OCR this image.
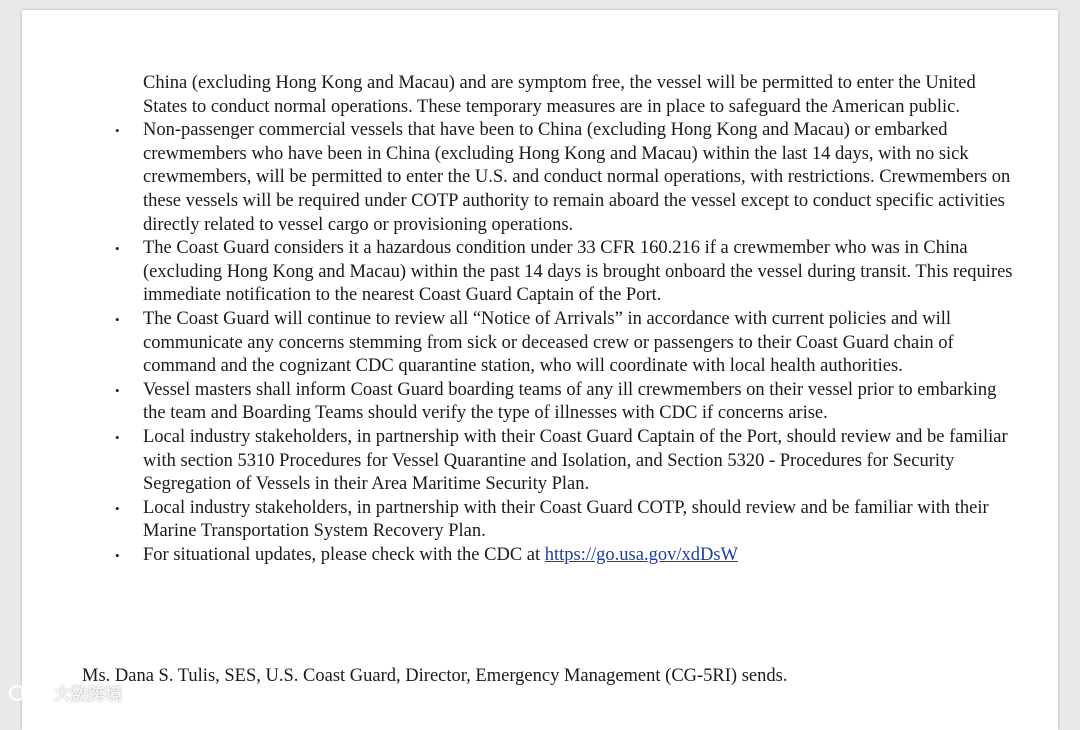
China (excluding Hong Kong and Macau) and are symptom free, the vessel will be permitted to enter the United States to conduct normal operations. These temporary measures are in place to safeguard the American public.

• Non-passenger commercial vessels that have been to China (excluding Hong Kong and Macau) or embarked crewmembers who have been in China (excluding Hong Kong and Macau) within the last 14 days, with no sick crewmembers, will be permitted to enter the U.S. and conduct normal operations, with restrictions. Crewmembers on these vessels will be required under COTP authority to remain aboard the vessel except to conduct specific activities directly related to vessel cargo or provisioning operations.
• The Coast Guard considers it a hazardous condition under 33 CFR 160.216 if a crewmember who was in China (excluding Hong Kong and Macau) within the past 14 days is brought onboard the vessel during transit. This requires immediate notification to the nearest Coast Guard Captain of the Port.
• The Coast Guard will continue to review all “Notice of Arrivals” in accordance with current policies and will communicate any concerns stemming from sick or deceased crew or passengers to their Coast Guard chain of command and the cognizant CDC quarantine station, who will coordinate with local health authorities.
• Vessel masters shall inform Coast Guard boarding teams of any ill crewmembers on their vessel prior to embarking the team and Boarding Teams should verify the type of illnesses with CDC if concerns arise.
• Local industry stakeholders, in partnership with their Coast Guard Captain of the Port, should review and be familiar with section 5310 Procedures for Vessel Quarantine and Isolation, and Section 5320 - Procedures for Security Segregation of Vessels in their Area Maritime Security Plan.
• Local industry stakeholders, in partnership with their Coast Guard COTP, should review and be familiar with their Marine Transportation System Recovery Plan.
• For situational updates, please check with the CDC at https://go.usa.gov/xdDsW
Ms. Dana S. Tulis, SES, U.S. Coast Guard, Director, Emergency Management (CG-5RI) sends.
大数跨境
